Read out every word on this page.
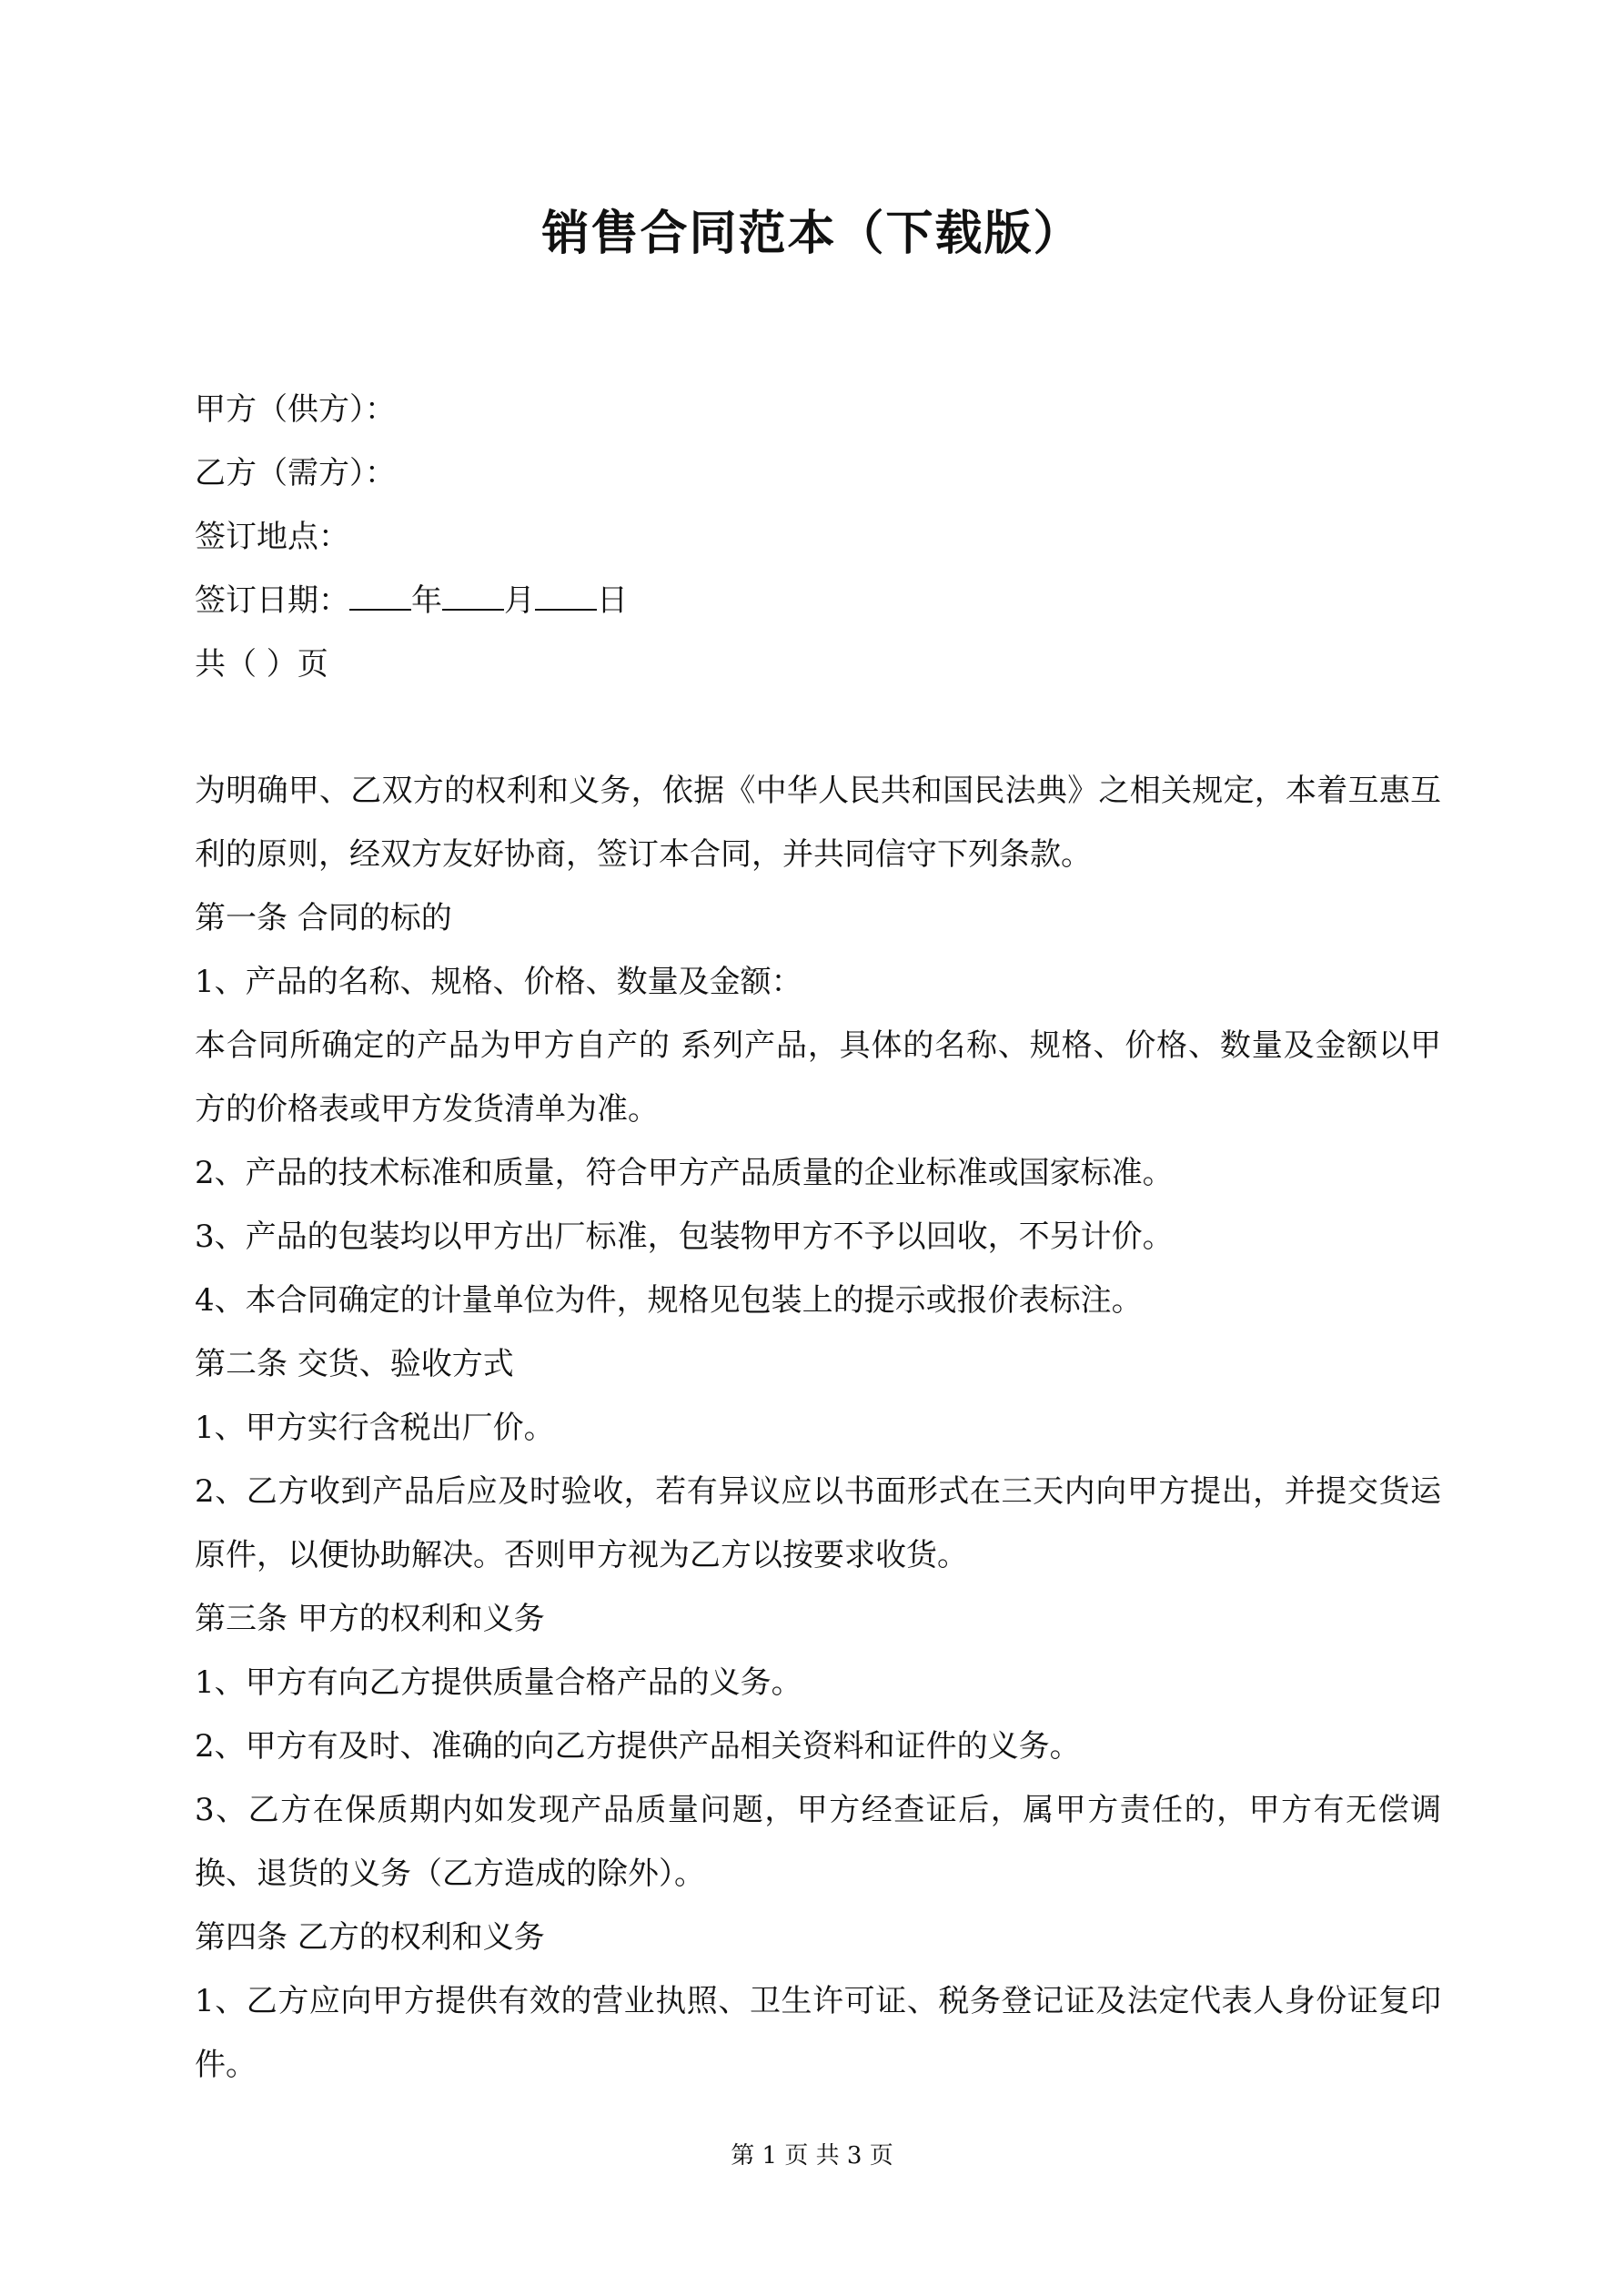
销售合同范本（下载版）
甲方（供方）：
乙方（需方）：
签订地点：
签订日期： 年 月 日
共（ ）页
为明确甲、乙双方的权利和义务，依据《中华人民共和国民法典》之相关规定，本着互惠互利的原则，经双方友好协商，签订本合同，并共同信守下列条款。
第一条 合同的标的
1、产品的名称、规格、价格、数量及金额：
本合同所确定的产品为甲方自产的 系列产品，具体的名称、规格、价格、数量及金额以甲方的价格表或甲方发货清单为准。
2、产品的技术标准和质量，符合甲方产品质量的企业标准或国家标准。
3、产品的包装均以甲方出厂标准，包装物甲方不予以回收，不另计价。
4、本合同确定的计量单位为件，规格见包装上的提示或报价表标注。
第二条 交货、验收方式
1、甲方实行含税出厂价。
2、乙方收到产品后应及时验收，若有异议应以书面形式在三天内向甲方提出，并提交货运原件，以便协助解决。否则甲方视为乙方以按要求收货。
第三条 甲方的权利和义务
1、甲方有向乙方提供质量合格产品的义务。
2、甲方有及时、准确的向乙方提供产品相关资料和证件的义务。
3、乙方在保质期内如发现产品质量问题，甲方经查证后，属甲方责任的，甲方有无偿调换、退货的义务（乙方造成的除外）。
第四条 乙方的权利和义务
1、乙方应向甲方提供有效的营业执照、卫生许可证、税务登记证及法定代表人身份证复印件。
第 1 页 共 3 页
